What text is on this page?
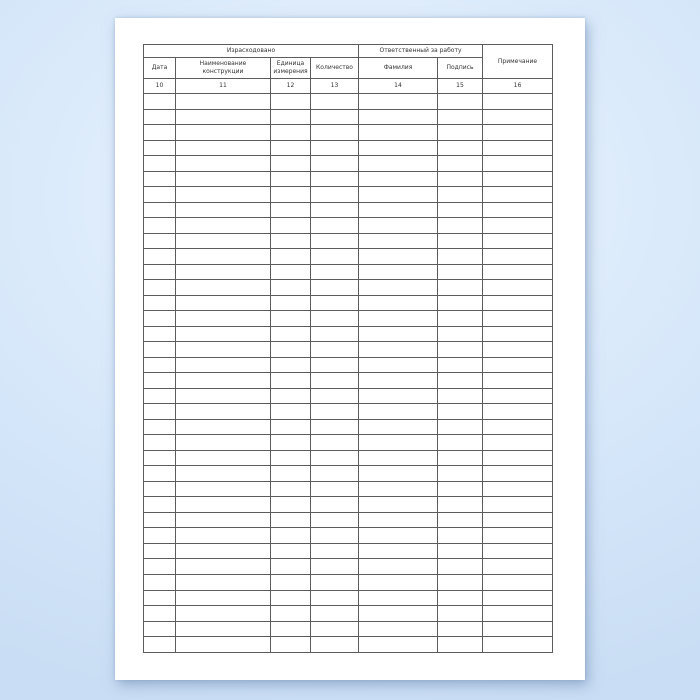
Израсходовано				Ответственный за работу		Примечание
Дата	Наименование конструкции	Единица измерения	Количество	Фамилия	Подпись	
10	11	12	13	14	15	16
